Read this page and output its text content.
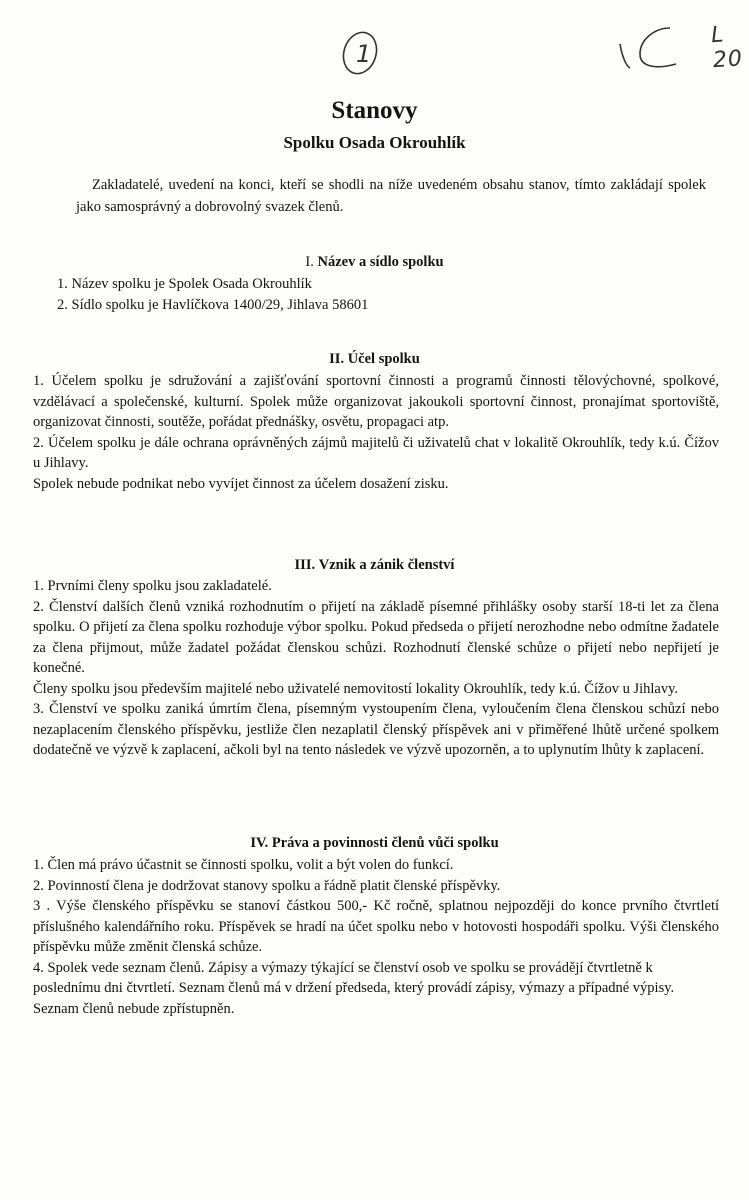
1
L 20
Stanovy
Spolku Osada Okrouhlík

Zakladatelé, uvedení na konci, kteří se shodli na níže uvedeném obsahu stanov, tímto zakládají spolek jako samosprávný a dobrovolný svazek členů.

I. Název a sídlo spolku
1. Název spolku je Spolek Osada Okrouhlík
2. Sídlo spolku je Havlíčkova 1400/29, Jihlava 58601
II. Účel spolku

1. Účelem spolku je sdružování a zajišťování sportovní činnosti a programů činnosti tělovýchovné, spolkové, vzdělávací a společenské, kulturní. Spolek může organizovat jakoukoli sportovní činnost, pronajímat sportoviště, organizovat činnosti, soutěže, pořádat přednášky, osvětu, propagaci atp.

2. Účelem spolku je dále ochrana oprávněných zájmů majitelů či uživatelů chat v lokalitě Okrouhlík, tedy k.ú. Čížov u Jihlavy.

Spolek nebude podnikat nebo vyvíjet činnost za účelem dosažení zisku.

III. Vznik a zánik členství

1. Prvními členy spolku jsou zakladatelé.

2. Členství dalších členů vzniká rozhodnutím o přijetí na základě písemné přihlášky osoby starší 18-ti let za člena spolku. O přijetí za člena spolku rozhoduje výbor spolku. Pokud předseda o přijetí nerozhodne nebo odmítne žadatele za člena přijmout, může žadatel požádat členskou schůzi. Rozhodnutí členské schůze o přijetí nebo nepřijetí je konečné.

Členy spolku jsou především majitelé nebo uživatelé nemovitostí lokality Okrouhlík, tedy k.ú. Čížov u Jihlavy.

3. Členství ve spolku zaniká úmrtím člena, písemným vystoupením člena, vyloučením člena členskou schůzí nebo nezaplacením členského příspěvku, jestliže člen nezaplatil členský příspěvek ani v přiměřené lhůtě určené spolkem dodatečně ve výzvě k zaplacení, ačkoli byl na tento následek ve výzvě upozorněn, a to uplynutím lhůty k zaplacení.

IV. Práva a povinnosti členů vůči spolku

1. Člen má právo účastnit se činnosti spolku, volit a být volen do funkcí.

2. Povinností člena je dodržovat stanovy spolku a řádně platit členské příspěvky.

3 . Výše členského příspěvku se stanoví částkou 500,- Kč ročně, splatnou nejpozději do konce prvního čtvrtletí příslušného kalendářního roku. Příspěvek se hradí na účet spolku nebo v hotovosti hospodáři spolku. Výši členského příspěvku může změnit členská schůze.

4. Spolek vede seznam členů. Zápisy a výmazy týkající se členství osob ve spolku se provádějí čtvrtletně k poslednímu dni čtvrtletí. Seznam členů má v držení předseda, který provádí zápisy, výmazy a případné výpisy. Seznam členů nebude zpřístupněn.
